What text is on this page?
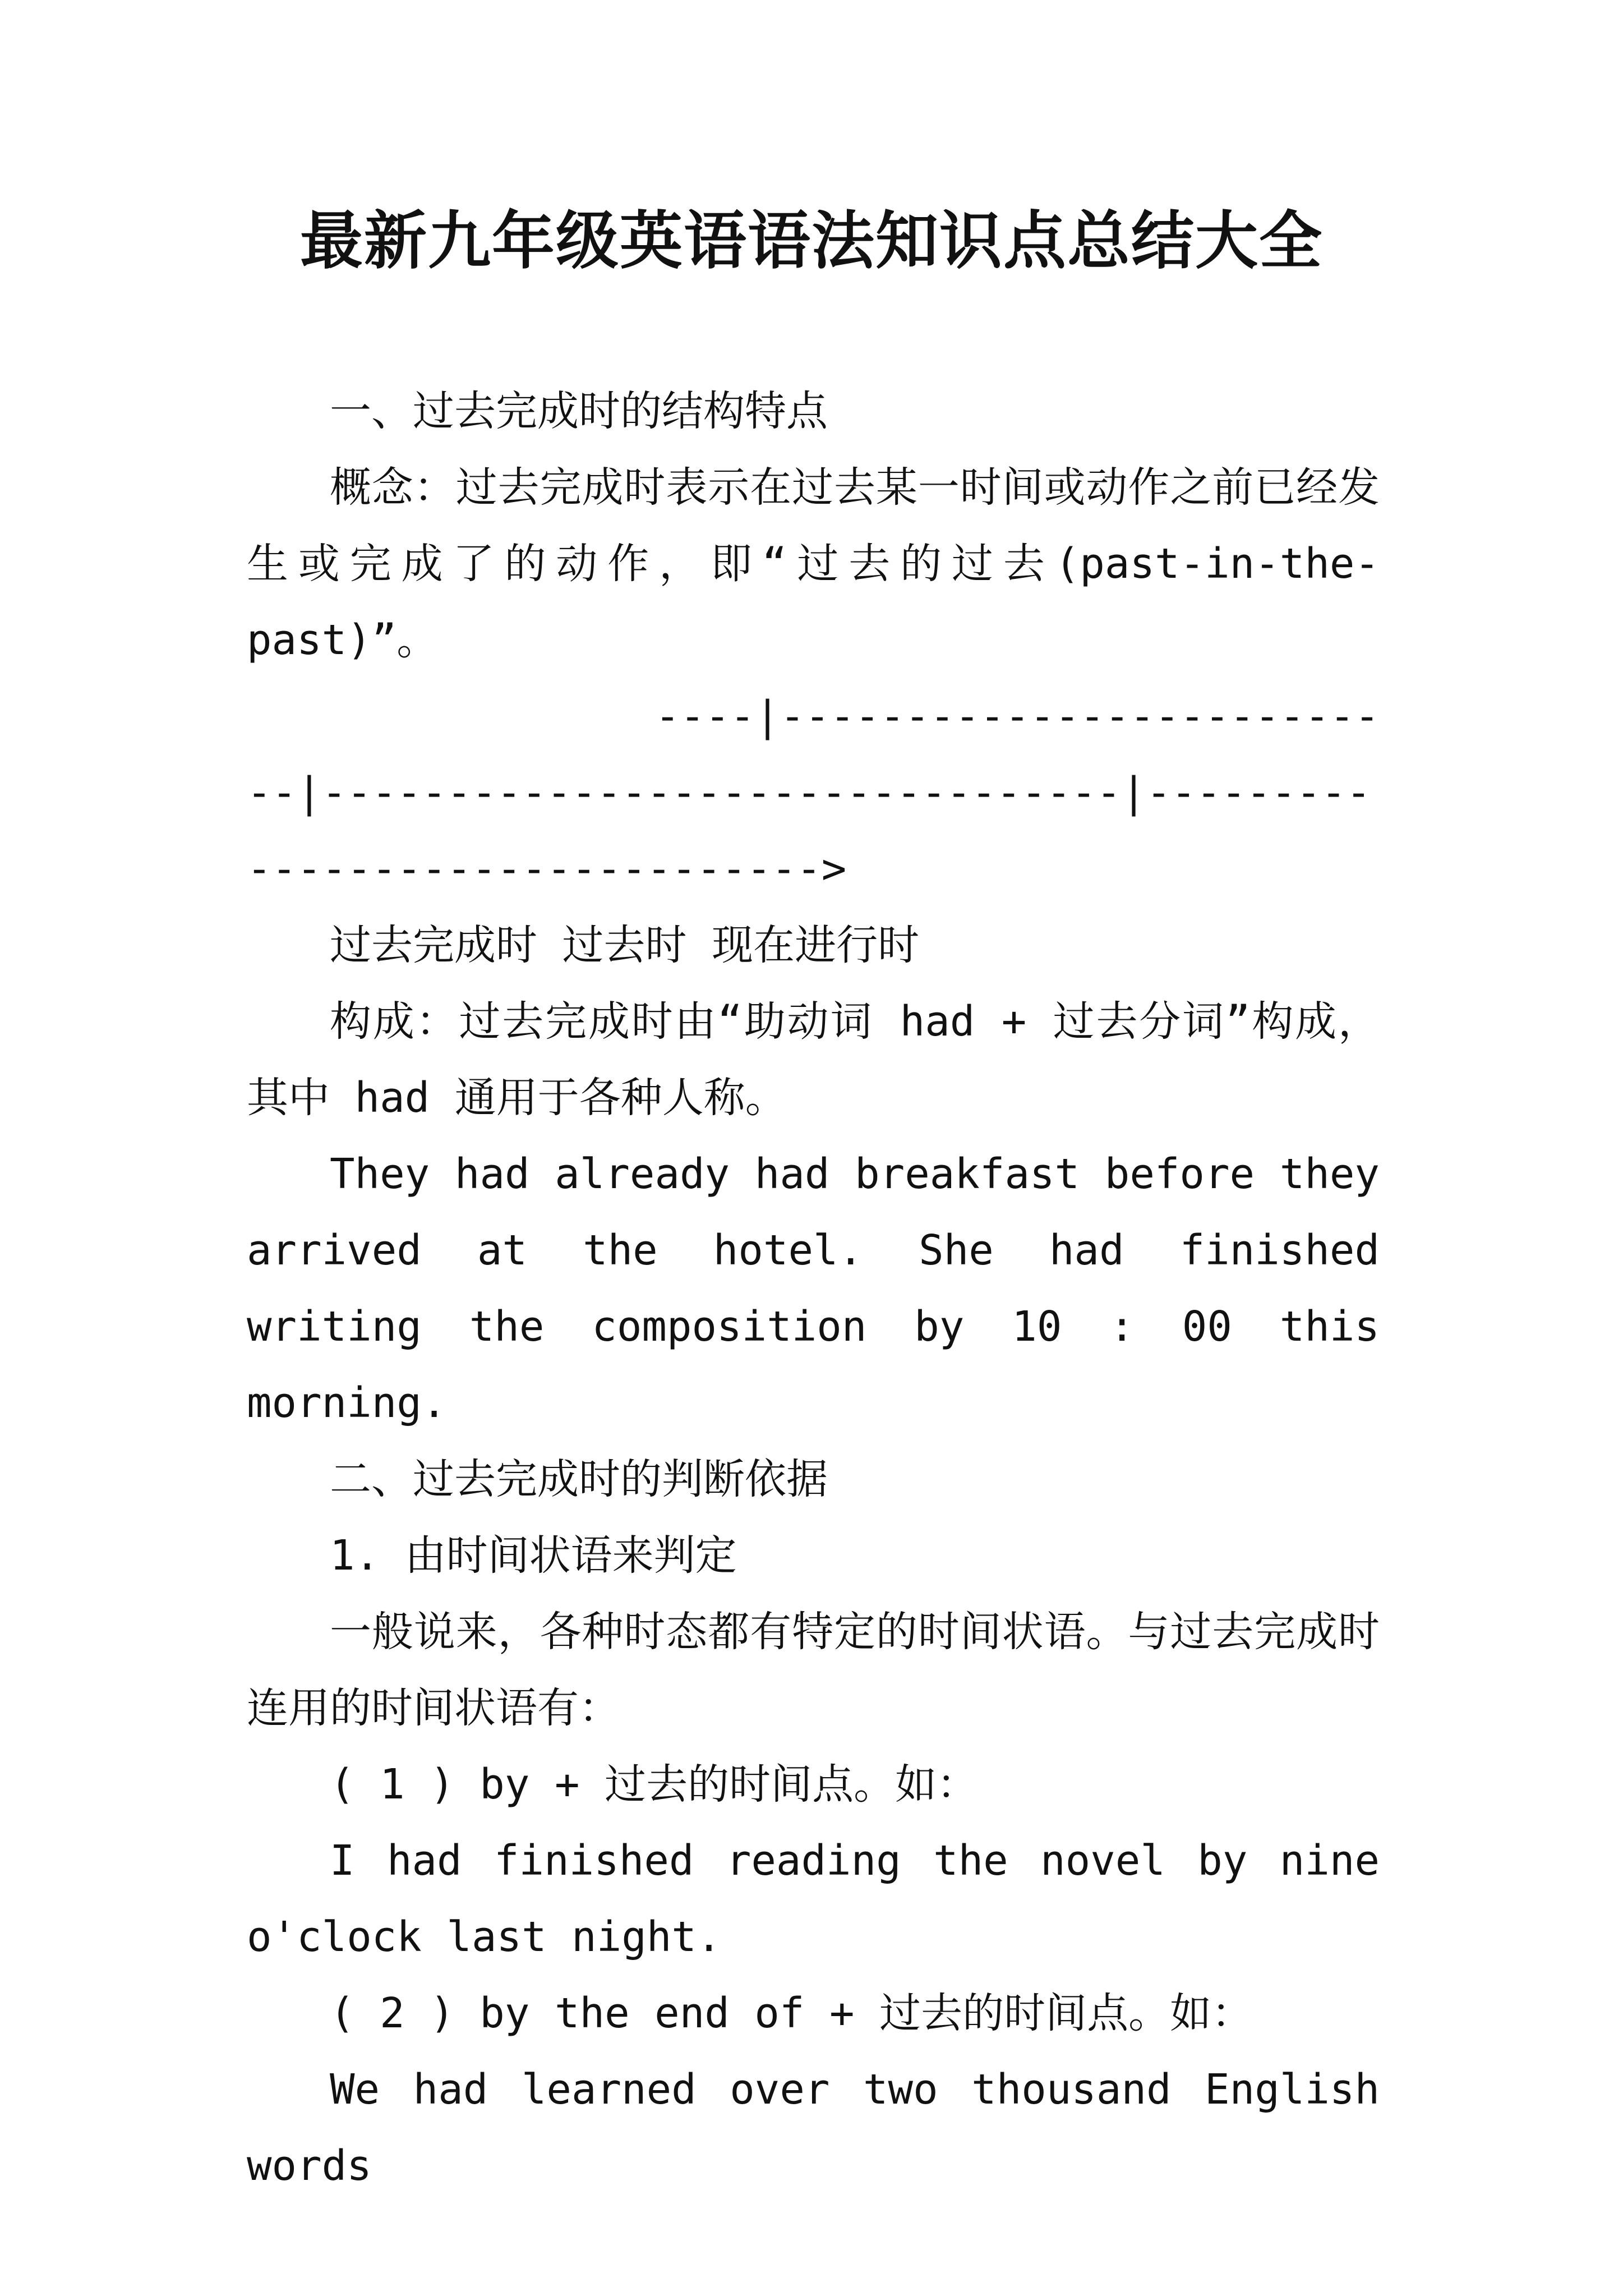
最新九年级英语语法知识点总结大全

一、过去完成时的结构特点

概念：过去完成时表示在过去某一时间或动作之前已经发生或完成了的动作，即“过去的过去(past-in-the-past)”。

----|--------------------------|--------------------------------|-------------------------------->

过去完成时 过去时 现在进行时

构成：过去完成时由“助动词 had + 过去分词”构成，其中 had 通用于各种人称。

They had already had breakfast before they arrived at the hotel. She had finished writing the composition by 10 : 00 this morning.

二、过去完成时的判断依据

1. 由时间状语来判定

一般说来，各种时态都有特定的时间状语。与过去完成时连用的时间状语有：

( 1 ) by + 过去的时间点。如：

I had finished reading the novel by nine o'clock last night.

( 2 ) by the end of + 过去的时间点。如：

We had learned over two thousand English words
